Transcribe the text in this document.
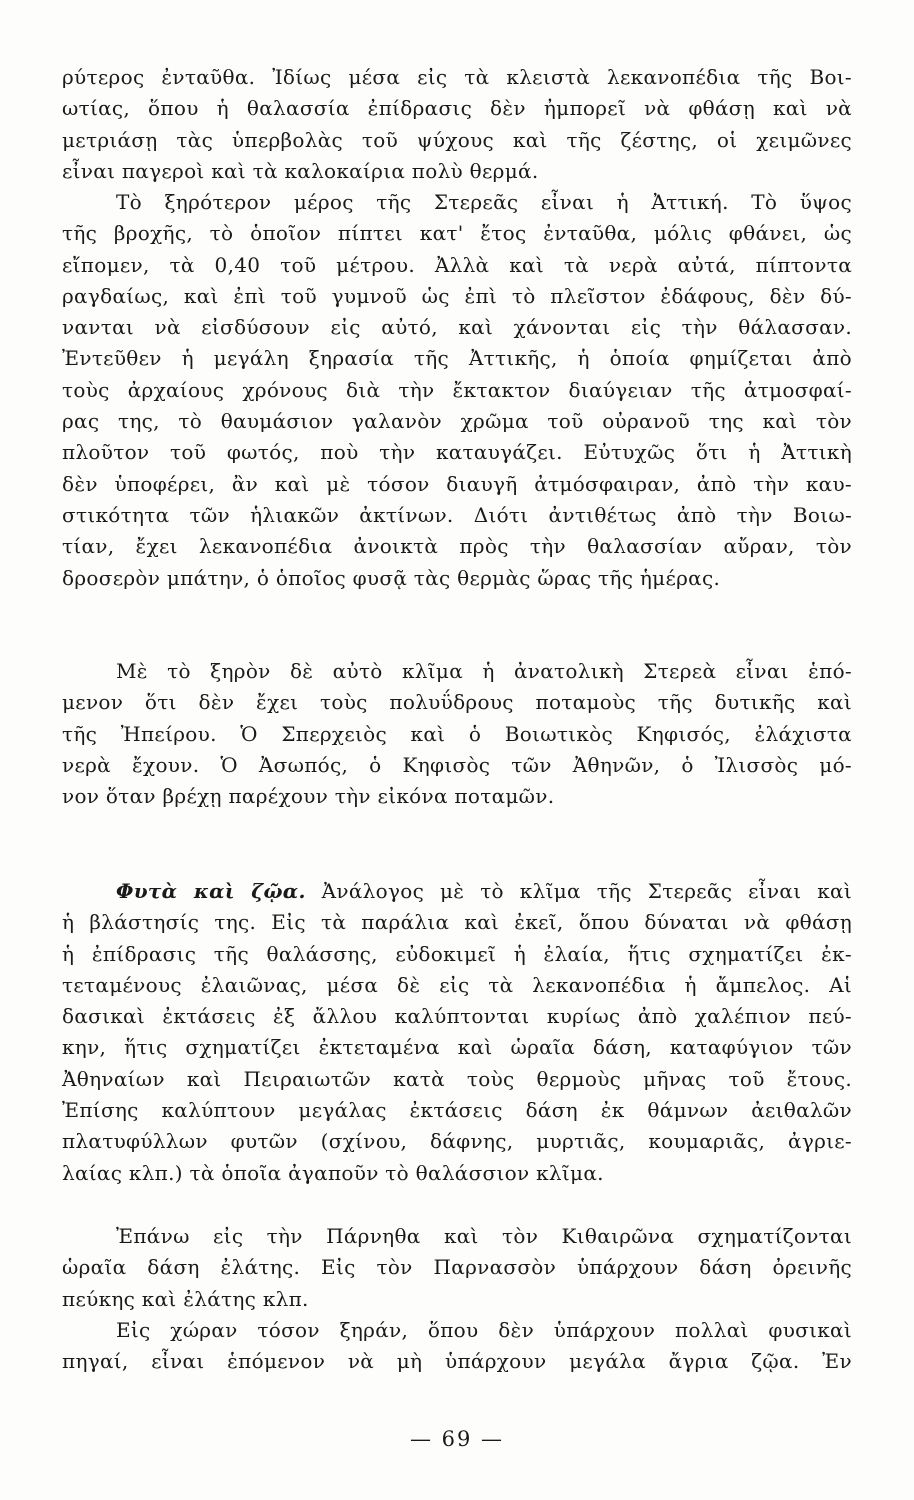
ρύτερος ἐνταῦθα. Ἰδίως μέσα εἰς τὰ κλειστὰ λεκανοπέδια τῆς Βοι-
ωτίας, ὅπου ἡ θαλασσία ἐπίδρασις δὲν ἠμπορεῖ νὰ φθάσῃ καὶ νὰ
μετριάσῃ τὰς ὑπερβολὰς τοῦ ψύχους καὶ τῆς ζέστης, οἱ χειμῶνες
εἶναι παγεροὶ καὶ τὰ καλοκαίρια πολὺ θερμά.
Τὸ ξηρότερον μέρος τῆς Στερεᾶς εἶναι ἡ Ἀττική. Τὸ ὕψος
τῆς βροχῆς, τὸ ὁποῖον πίπτει κατ' ἔτος ἐνταῦθα, μόλις φθάνει, ὡς
εἴπομεν, τὰ 0,40 τοῦ μέτρου. Ἀλλὰ καὶ τὰ νερὰ αὐτά, πίπτοντα
ραγδαίως, καὶ ἐπὶ τοῦ γυμνοῦ ὡς ἐπὶ τὸ πλεῖστον ἐδάφους, δὲν δύ-
νανται νὰ εἰσδύσουν εἰς αὐτό, καὶ χάνονται εἰς τὴν θάλασσαν.
Ἐντεῦθεν ἡ μεγάλη ξηρασία τῆς Ἀττικῆς, ἡ ὁποία φημίζεται ἀπὸ
τοὺς ἀρχαίους χρόνους διὰ τὴν ἔκτακτον διαύγειαν τῆς ἀτμοσφαί-
ρας της, τὸ θαυμάσιον γαλανὸν χρῶμα τοῦ οὐρανοῦ της καὶ τὸν
πλοῦτον τοῦ φωτός, ποὺ τὴν καταυγάζει. Εὐτυχῶς ὅτι ἡ Ἀττικὴ
δὲν ὑποφέρει, ἂν καὶ μὲ τόσον διαυγῆ ἀτμόσφαιραν, ἀπὸ τὴν καυ-
στικότητα τῶν ἡλιακῶν ἀκτίνων. Διότι ἀντιθέτως ἀπὸ τὴν Βοιω-
τίαν, ἔχει λεκανοπέδια ἀνοικτὰ πρὸς τὴν θαλασσίαν αὔραν, τὸν
δροσερὸν μπάτην, ὁ ὁποῖος φυσᾷ τὰς θερμὰς ὥρας τῆς ἡμέρας.
Μὲ τὸ ξηρὸν δὲ αὐτὸ κλῖμα ἡ ἀνατολικὴ Στερεὰ εἶναι ἑπό-
μενον ὅτι δὲν ἔχει τοὺς πολυΰδρους ποταμοὺς τῆς δυτικῆς καὶ
τῆς Ἠπείρου. Ὁ Σπερχειὸς καὶ ὁ Βοιωτικὸς Κηφισός, ἐλάχιστα
νερὰ ἔχουν. Ὁ Ἀσωπός, ὁ Κηφισὸς τῶν Ἀθηνῶν, ὁ Ἰλισσὸς μό-
νον ὅταν βρέχῃ παρέχουν τὴν εἰκόνα ποταμῶν.
Φυτὰ καὶ ζῷα. Ἀνάλογος μὲ τὸ κλῖμα τῆς Στερεᾶς εἶναι καὶ
ἡ βλάστησίς της. Εἰς τὰ παράλια καὶ ἐκεῖ, ὅπου δύναται νὰ φθάσῃ
ἡ ἐπίδρασις τῆς θαλάσσης, εὐδοκιμεῖ ἡ ἐλαία, ἥτις σχηματίζει ἐκ-
τεταμένους ἐλαιῶνας, μέσα δὲ εἰς τὰ λεκανοπέδια ἡ ἄμπελος. Αἱ
δασικαὶ ἐκτάσεις ἐξ ἄλλου καλύπτονται κυρίως ἀπὸ χαλέπιον πεύ-
κην, ἥτις σχηματίζει ἐκτεταμένα καὶ ὡραῖα δάση, καταφύγιον τῶν
Ἀθηναίων καὶ Πειραιωτῶν κατὰ τοὺς θερμοὺς μῆνας τοῦ ἔτους.
Ἐπίσης καλύπτουν μεγάλας ἐκτάσεις δάση ἐκ θάμνων ἀειθαλῶν
πλατυφύλλων φυτῶν (σχίνου, δάφνης, μυρτιᾶς, κουμαριᾶς, ἀγριε-
λαίας κλπ.) τὰ ὁποῖα ἀγαποῦν τὸ θαλάσσιον κλῖμα.
Ἐπάνω εἰς τὴν Πάρνηθα καὶ τὸν Κιθαιρῶνα σχηματίζονται
ὡραῖα δάση ἐλάτης. Εἰς τὸν Παρνασσὸν ὑπάρχουν δάση ὀρεινῆς
πεύκης καὶ ἐλάτης κλπ.
Εἰς χώραν τόσον ξηράν, ὅπου δὲν ὑπάρχουν πολλαὶ φυσικαὶ
πηγαί, εἶναι ἑπόμενον νὰ μὴ ὑπάρχουν μεγάλα ἄγρια ζῷα. Ἐν
— 69 —
